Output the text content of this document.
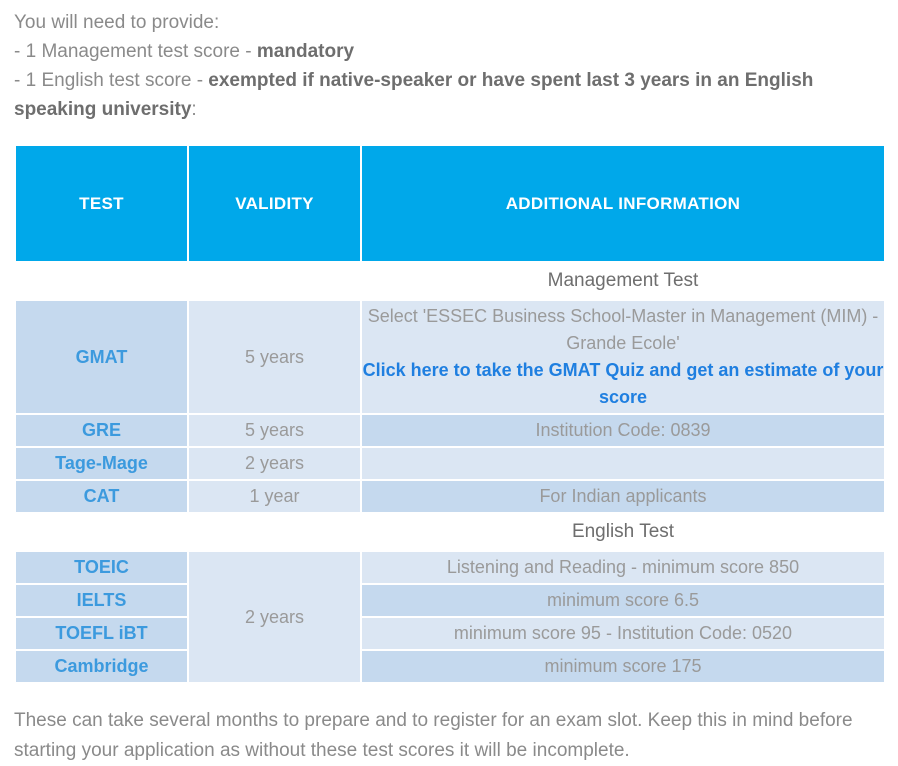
You will need to provide:
- 1 Management test score - mandatory
- 1 English test score - exempted if native-speaker or have spent last 3 years in an English speaking university:
TEST	VALIDITY	ADDITIONAL INFORMATION
		Management Test
GMAT	5 years	Select 'ESSEC Business School-Master in Management (MIM) - Grande Ecole'
Click here to take the GMAT Quiz and get an estimate of your score

GRE	5 years	Institution Code: 0839
Tage-Mage	2 years	
CAT	1 year	For Indian applicants
		English Test
TOEIC	2 years	Listening and Reading - minimum score 850
IELTS		minimum score 6.5
TOEFL iBT		minimum score 95 - Institution Code: 0520
Cambridge		minimum score 175
These can take several months to prepare and to register for an exam slot. Keep this in mind before starting your application as without these test scores it will be incomplete.
